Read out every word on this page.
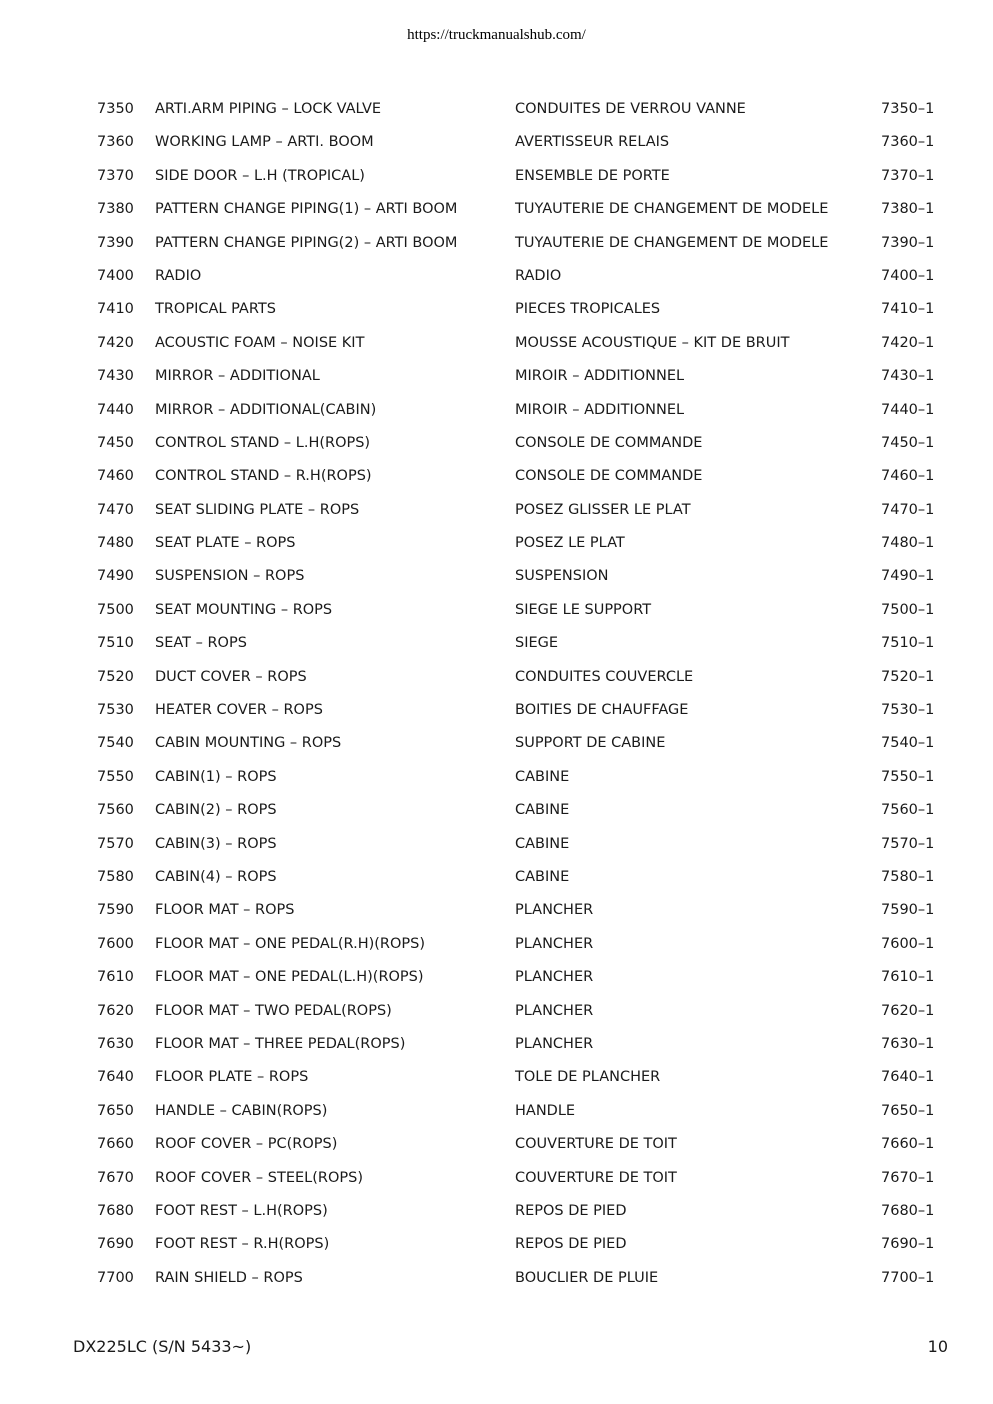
https://truckmanualshub.com/
7350 ARTI.ARM PIPING – LOCK VALVE	CONDUITES DE VERROU VANNE	7350–1
7360 WORKING LAMP – ARTI. BOOM	AVERTISSEUR RELAIS	7360–1
7370 SIDE DOOR – L.H (TROPICAL)	ENSEMBLE DE PORTE	7370–1
7380 PATTERN CHANGE PIPING(1) – ARTI BOOM	TUYAUTERIE DE CHANGEMENT DE MODELE	7380–1
7390 PATTERN CHANGE PIPING(2) – ARTI BOOM	TUYAUTERIE DE CHANGEMENT DE MODELE	7390–1
7400 RADIO	RADIO	7400–1
7410 TROPICAL PARTS	PIECES TROPICALES	7410–1
7420 ACOUSTIC FOAM – NOISE KIT	MOUSSE ACOUSTIQUE – KIT DE BRUIT	7420–1
7430 MIRROR – ADDITIONAL	MIROIR – ADDITIONNEL	7430–1
7440 MIRROR – ADDITIONAL(CABIN)	MIROIR – ADDITIONNEL	7440–1
7450 CONTROL STAND – L.H(ROPS)	CONSOLE DE COMMANDE	7450–1
7460 CONTROL STAND – R.H(ROPS)	CONSOLE DE COMMANDE	7460–1
7470 SEAT SLIDING PLATE – ROPS	POSEZ GLISSER LE PLAT	7470–1
7480 SEAT PLATE – ROPS	POSEZ LE PLAT	7480–1
7490 SUSPENSION – ROPS	SUSPENSION	7490–1
7500 SEAT MOUNTING – ROPS	SIEGE LE SUPPORT	7500–1
7510 SEAT – ROPS	SIEGE	7510–1
7520 DUCT COVER – ROPS	CONDUITES COUVERCLE	7520–1
7530 HEATER COVER – ROPS	BOITIES DE CHAUFFAGE	7530–1
7540 CABIN MOUNTING – ROPS	SUPPORT DE CABINE	7540–1
7550 CABIN(1) – ROPS	CABINE	7550–1
7560 CABIN(2) – ROPS	CABINE	7560–1
7570 CABIN(3) – ROPS	CABINE	7570–1
7580 CABIN(4) – ROPS	CABINE	7580–1
7590 FLOOR MAT – ROPS	PLANCHER	7590–1
7600 FLOOR MAT – ONE PEDAL(R.H)(ROPS)	PLANCHER	7600–1
7610 FLOOR MAT – ONE PEDAL(L.H)(ROPS)	PLANCHER	7610–1
7620 FLOOR MAT – TWO PEDAL(ROPS)	PLANCHER	7620–1
7630 FLOOR MAT – THREE PEDAL(ROPS)	PLANCHER	7630–1
7640 FLOOR PLATE – ROPS	TOLE DE PLANCHER	7640–1
7650 HANDLE – CABIN(ROPS)	HANDLE	7650–1
7660 ROOF COVER – PC(ROPS)	COUVERTURE DE TOIT	7660–1
7670 ROOF COVER – STEEL(ROPS)	COUVERTURE DE TOIT	7670–1
7680 FOOT REST – L.H(ROPS)	REPOS DE PIED	7680–1
7690 FOOT REST – R.H(ROPS)	REPOS DE PIED	7690–1
7700 RAIN SHIELD – ROPS	BOUCLIER DE PLUIE	7700–1
DX225LC (S/N 5433~)	10
